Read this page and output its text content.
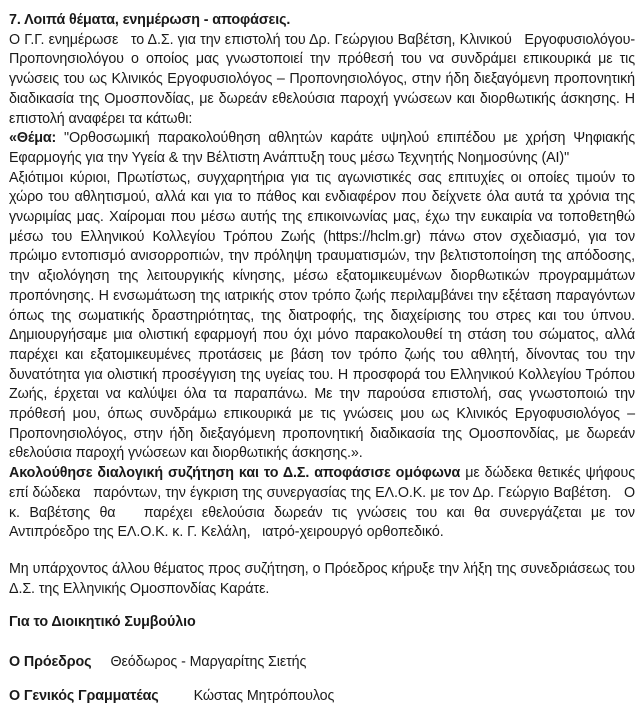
7. Λοιπά θέματα, ενημέρωση - αποφάσεις.

Ο Γ.Γ. ενημέρωσε   το Δ.Σ. για την επιστολή του Δρ. Γεώργιου Βαβέτση, Κλινικού   Εργοφυσιολόγου-Προπονησιολόγου ο οποίος μας γνωστοποιεί την πρόθεσή του να συνδράμει επικουρικά με τις γνώσεις του ως Κλινικός Εργοφυσιολόγος – Προπονησιολόγος, στην ήδη διεξαγόμενη προπονητική διαδικασία της Ομοσπονδίας, με δωρεάν εθελούσια παροχή γνώσεων και διορθωτικής άσκησης. Η επιστολή αναφέρει τα κάτωθι:

«Θέμα: "Ορθοσωμική παρακολούθηση αθλητών καράτε υψηλού επιπέδου με χρήση Ψηφιακής Εφαρμογής για την Υγεία & την Βέλτιστη Ανάπτυξη τους μέσω Τεχνητής Νοημοσύνης (AI)"
Αξιότιμοι κύριοι, Πρωτίστως, συγχαρητήρια για τις αγωνιστικές σας επιτυχίες οι οποίες τιμούν το χώρο του αθλητισμού, αλλά και για το πάθος και ενδιαφέρον που δείχνετε όλα αυτά τα χρόνια της γνωριμίας μας. Χαίρομαι που μέσω αυτής της επικοινωνίας μας, έχω την ευκαιρία να τοποθετηθώ μέσω του Ελληνικού Κολλεγίου Τρόπου Ζωής (https://hclm.gr) πάνω στον σχεδιασμό, για τον πρώιμο εντοπισμό ανισορροπιών, την πρόληψη τραυματισμών, την βελτιστοποίηση της απόδοσης, την αξιολόγηση της λειτουργικής κίνησης, μέσω εξατομικευμένων διορθωτικών προγραμμάτων προπόνησης. Η ενσωμάτωση της ιατρικής στον τρόπο ζωής περιλαμβάνει την εξέταση παραγόντων όπως της σωματικής δραστηριότητας, της διατροφής, της διαχείρισης του στρες και του ύπνου. Δημιουργήσαμε μια ολιστική εφαρμογή που όχι μόνο παρακολουθεί τη στάση του σώματος, αλλά παρέχει και εξατομικευμένες προτάσεις με βάση τον τρόπο ζωής του αθλητή, δίνοντας του την δυνατότητα για ολιστική προσέγγιση της υγείας του. Η προσφορά του Ελληνικού Κολλεγίου Τρόπου Ζωής, έρχεται να καλύψει όλα τα παραπάνω. Με την παρούσα επιστολή, σας γνωστοποιώ την πρόθεσή μου, όπως συνδράμω επικουρικά με τις γνώσεις μου ως Κλινικός Εργοφυσιολόγος – Προπονησιολόγος, στην ήδη διεξαγόμενη προπονητική διαδικασία της Ομοσπονδίας, με δωρεάν εθελούσια παροχή γνώσεων και διορθωτικής άσκησης.».

Ακολούθησε διαλογική συζήτηση και το Δ.Σ. αποφάσισε ομόφωνα με δώδεκα θετικές ψήφους επί δώδεκα   παρόντων, την έγκριση της συνεργασίας της ΕΛ.Ο.Κ. με τον Δρ. Γεώργιο Βαβέτση.   Ο κ. Βαβέτσης θα   παρέχει εθελούσια δωρεάν τις γνώσεις του και θα συνεργάζεται με τον Αντιπρόεδρο της ΕΛ.Ο.Κ. κ. Γ. Κελάλη,   ιατρό-χειρουργό ορθοπεδικό.

Μη υπάρχοντος άλλου θέματος προς συζήτηση, ο Πρόεδρος κήρυξε την λήξη της συνεδριάσεως του Δ.Σ. της Ελληνικής Ομοσπονδίας Καράτε.

Για το Διοικητικό Συμβούλιο

Ο Πρόεδρος Θεόδωρος - Μαργαρίτης Σιετής

Ο Γενικός Γραμματέας Κώστας Μητρόπουλος
